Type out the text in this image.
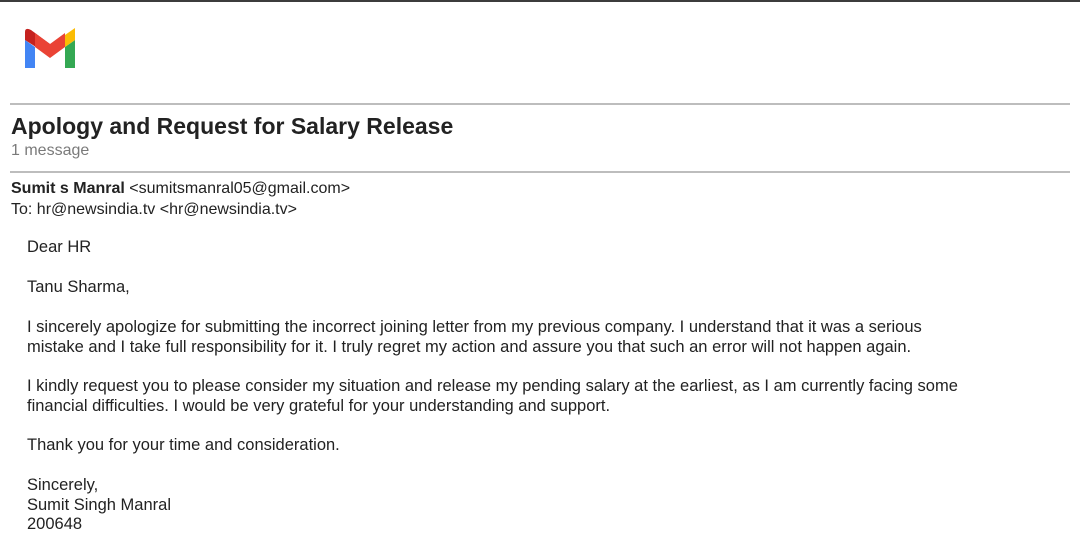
Apology and Request for Salary Release
1 message
Sumit s Manral <sumitsmanral05@gmail.com>
To: hr@newsindia.tv <hr@newsindia.tv>
Dear HR
Tanu Sharma,
I sincerely apologize for submitting the incorrect joining letter from my previous company. I understand that it was a serious
mistake and I take full responsibility for it. I truly regret my action and assure you that such an error will not happen again.
I kindly request you to please consider my situation and release my pending salary at the earliest, as I am currently facing some
financial difficulties. I would be very grateful for your understanding and support.
Thank you for your time and consideration.
Sincerely,
Sumit Singh Manral
200648
